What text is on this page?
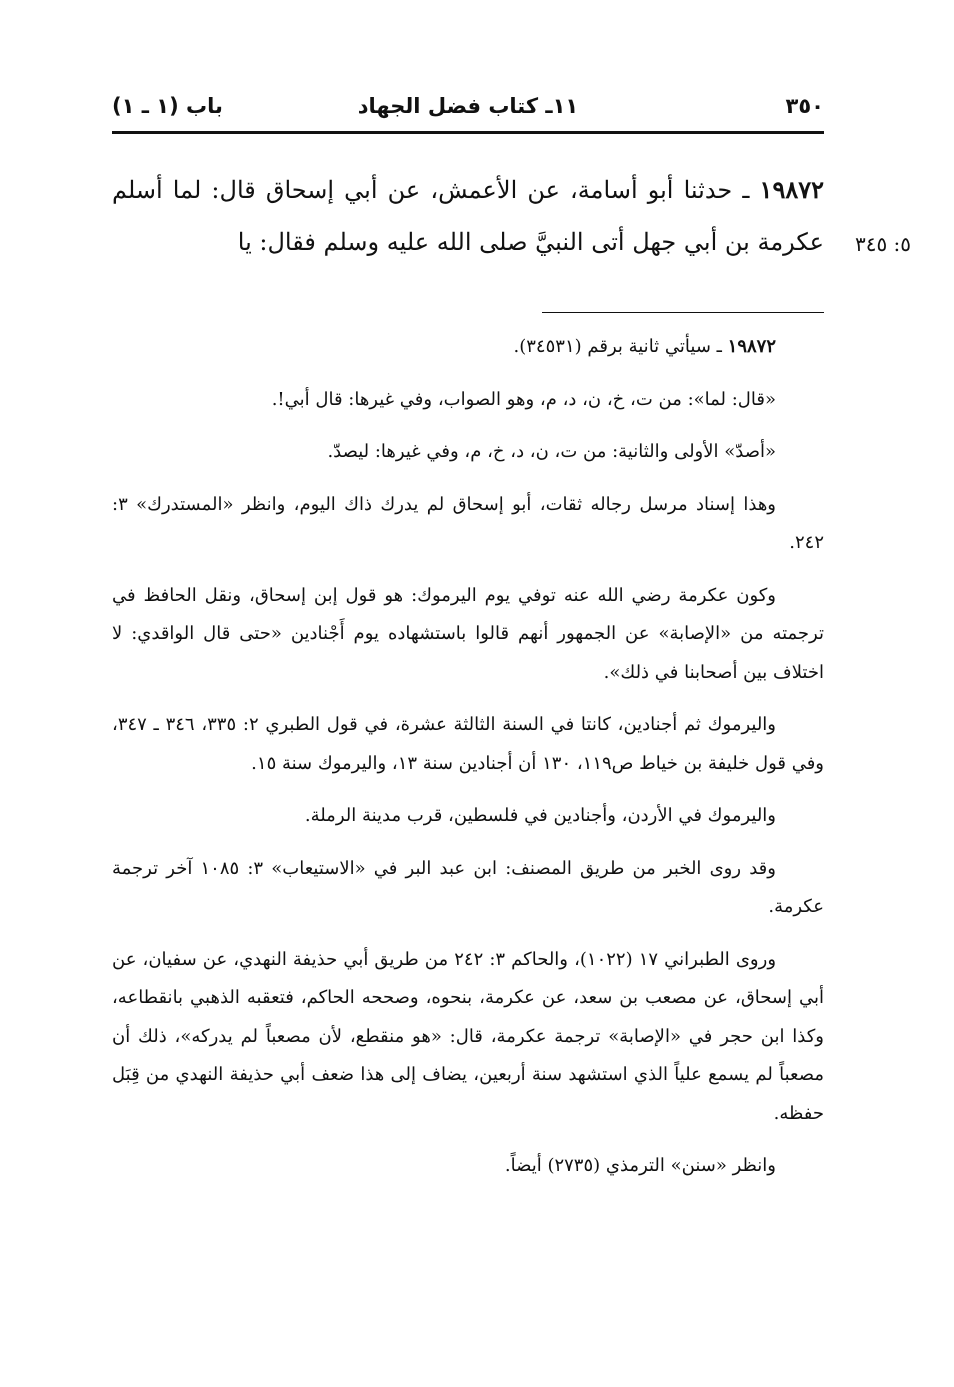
٣٥٠
١١ـ كتاب فضل الجهاد
باب (١ ـ ١)
١٩٨٧٢ ـ حدثنا أبو أسامة، عن الأعمش، عن أبي إسحاق قال: لما أسلم عكرمة بن أبي جهل أتى النبيَّ صلى الله عليه وسلم فقال: يا	٥: ٣٤٥

١٩٨٧٢ ـ سيأتي ثانية برقم (٣٤٥٣١).

«قال: لما»: من ت، خ، ن، د، م، وهو الصواب، وفي غيرها: قال أبي!.

«أصدّ» الأولى والثانية: من ت، ن، د، خ، م، وفي غيرها: ليصدّ.

وهذا إسناد مرسل رجاله ثقات، أبو إسحاق لم يدرك ذاك اليوم، وانظر «المستدرك» ٣: ٢٤٢.

وكون عكرمة رضي الله عنه توفي يوم اليرموك: هو قول إبن إسحاق، ونقل الحافظ في ترجمته من «الإصابة» عن الجمهور أنهم قالوا باستشهاده يوم أَجْنادين «حتى قال الواقدي: لا اختلاف بين أصحابنا في ذلك».

واليرموك ثم أجنادين، كانتا في السنة الثالثة عشرة، في قول الطبري ٢: ٣٣٥، ٣٤٦ ـ ٣٤٧، وفي قول خليفة بن خياط ص١١٩، ١٣٠ أن أجنادين سنة ١٣، واليرموك سنة ١٥.

واليرموك في الأردن، وأجنادين في فلسطين، قرب مدينة الرملة.

وقد روى الخبر من طريق المصنف: ابن عبد البر في «الاستيعاب» ٣: ١٠٨٥ آخر ترجمة عكرمة.

وروى الطبراني ١٧ (١٠٢٢)، والحاكم ٣: ٢٤٢ من طريق أبي حذيفة النهدي، عن سفيان، عن أبي إسحاق، عن مصعب بن سعد، عن عكرمة، بنحوه، وصححه الحاكم، فتعقبه الذهبي بانقطاعه، وكذا ابن حجر في «الإصابة» ترجمة عكرمة، قال: «هو منقطع، لأن مصعباً لم يدركه»، ذلك أن مصعباً لم يسمع علياً الذي استشهد سنة أربعين، يضاف إلى هذا ضعف أبي حذيفة النهدي من قِبَل حفظه.

وانظر «سنن» الترمذي (٢٧٣٥) أيضاً.
